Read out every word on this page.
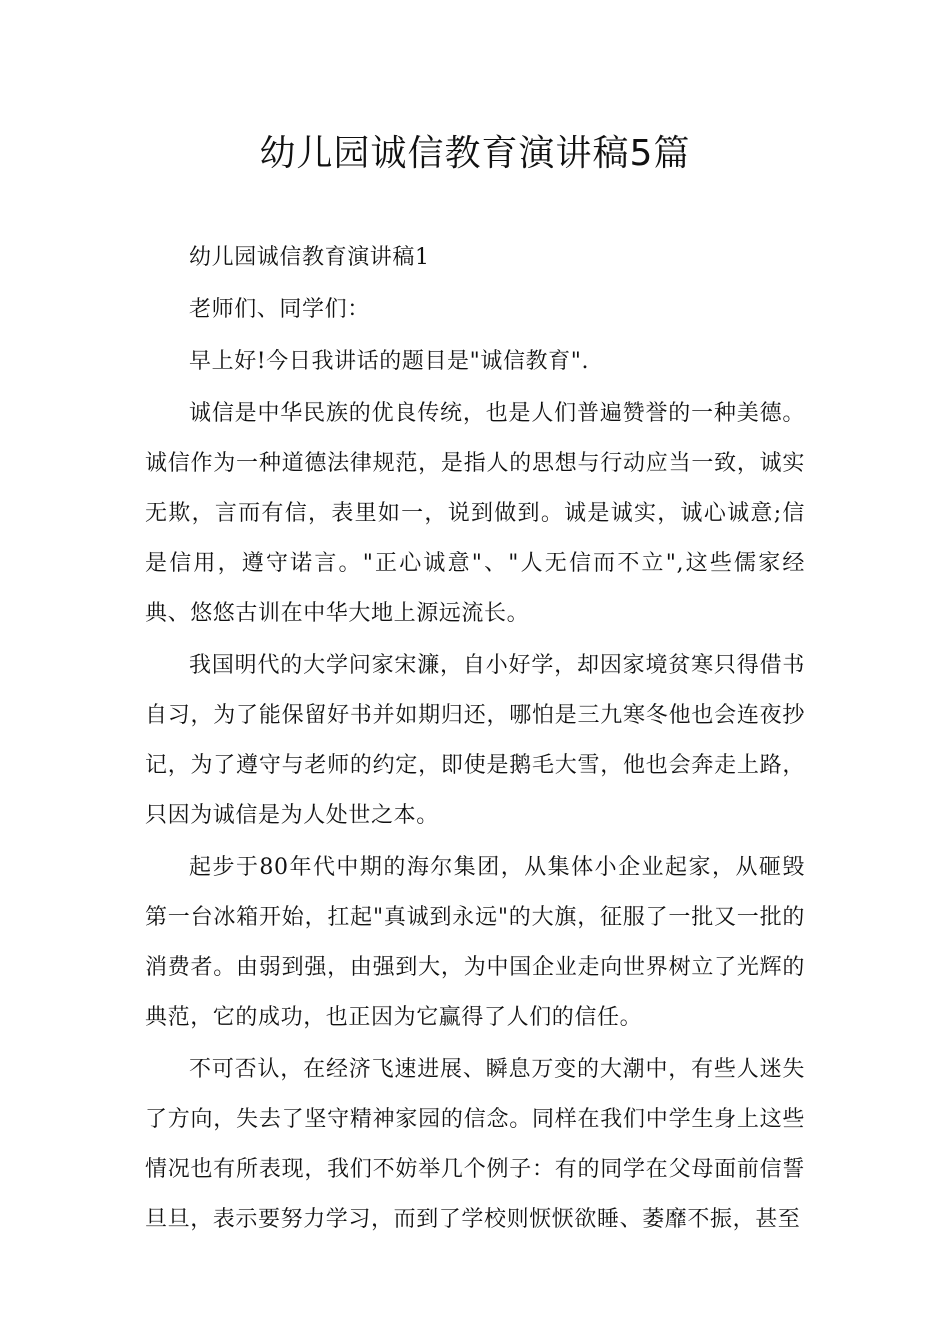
幼儿园诚信教育演讲稿5篇

幼儿园诚信教育演讲稿1

老师们、同学们：

早上好!今日我讲话的题目是"诚信教育".

诚信是中华民族的优良传统，也是人们普遍赞誉的一种美德。诚信作为一种道德法律规范，是指人的思想与行动应当一致，诚实无欺，言而有信，表里如一，说到做到。诚是诚实，诚心诚意;信是信用，遵守诺言。"正心诚意"、"人无信而不立",这些儒家经典、悠悠古训在中华大地上源远流长。

我国明代的大学问家宋濂，自小好学，却因家境贫寒只得借书自习，为了能保留好书并如期归还，哪怕是三九寒冬他也会连夜抄记，为了遵守与老师的约定，即使是鹅毛大雪，他也会奔走上路，只因为诚信是为人处世之本。

起步于80年代中期的海尔集团，从集体小企业起家，从砸毁第一台冰箱开始，扛起"真诚到永远"的大旗，征服了一批又一批的消费者。由弱到强，由强到大，为中国企业走向世界树立了光辉的典范，它的成功，也正因为它赢得了人们的信任。

不可否认，在经济飞速进展、瞬息万变的大潮中，有些人迷失了方向，失去了坚守精神家园的信念。同样在我们中学生身上这些情况也有所表现，我们不妨举几个例子：有的同学在父母面前信誓旦旦，表示要努力学习，而到了学校则恹恹欲睡、萎靡不振，甚至
